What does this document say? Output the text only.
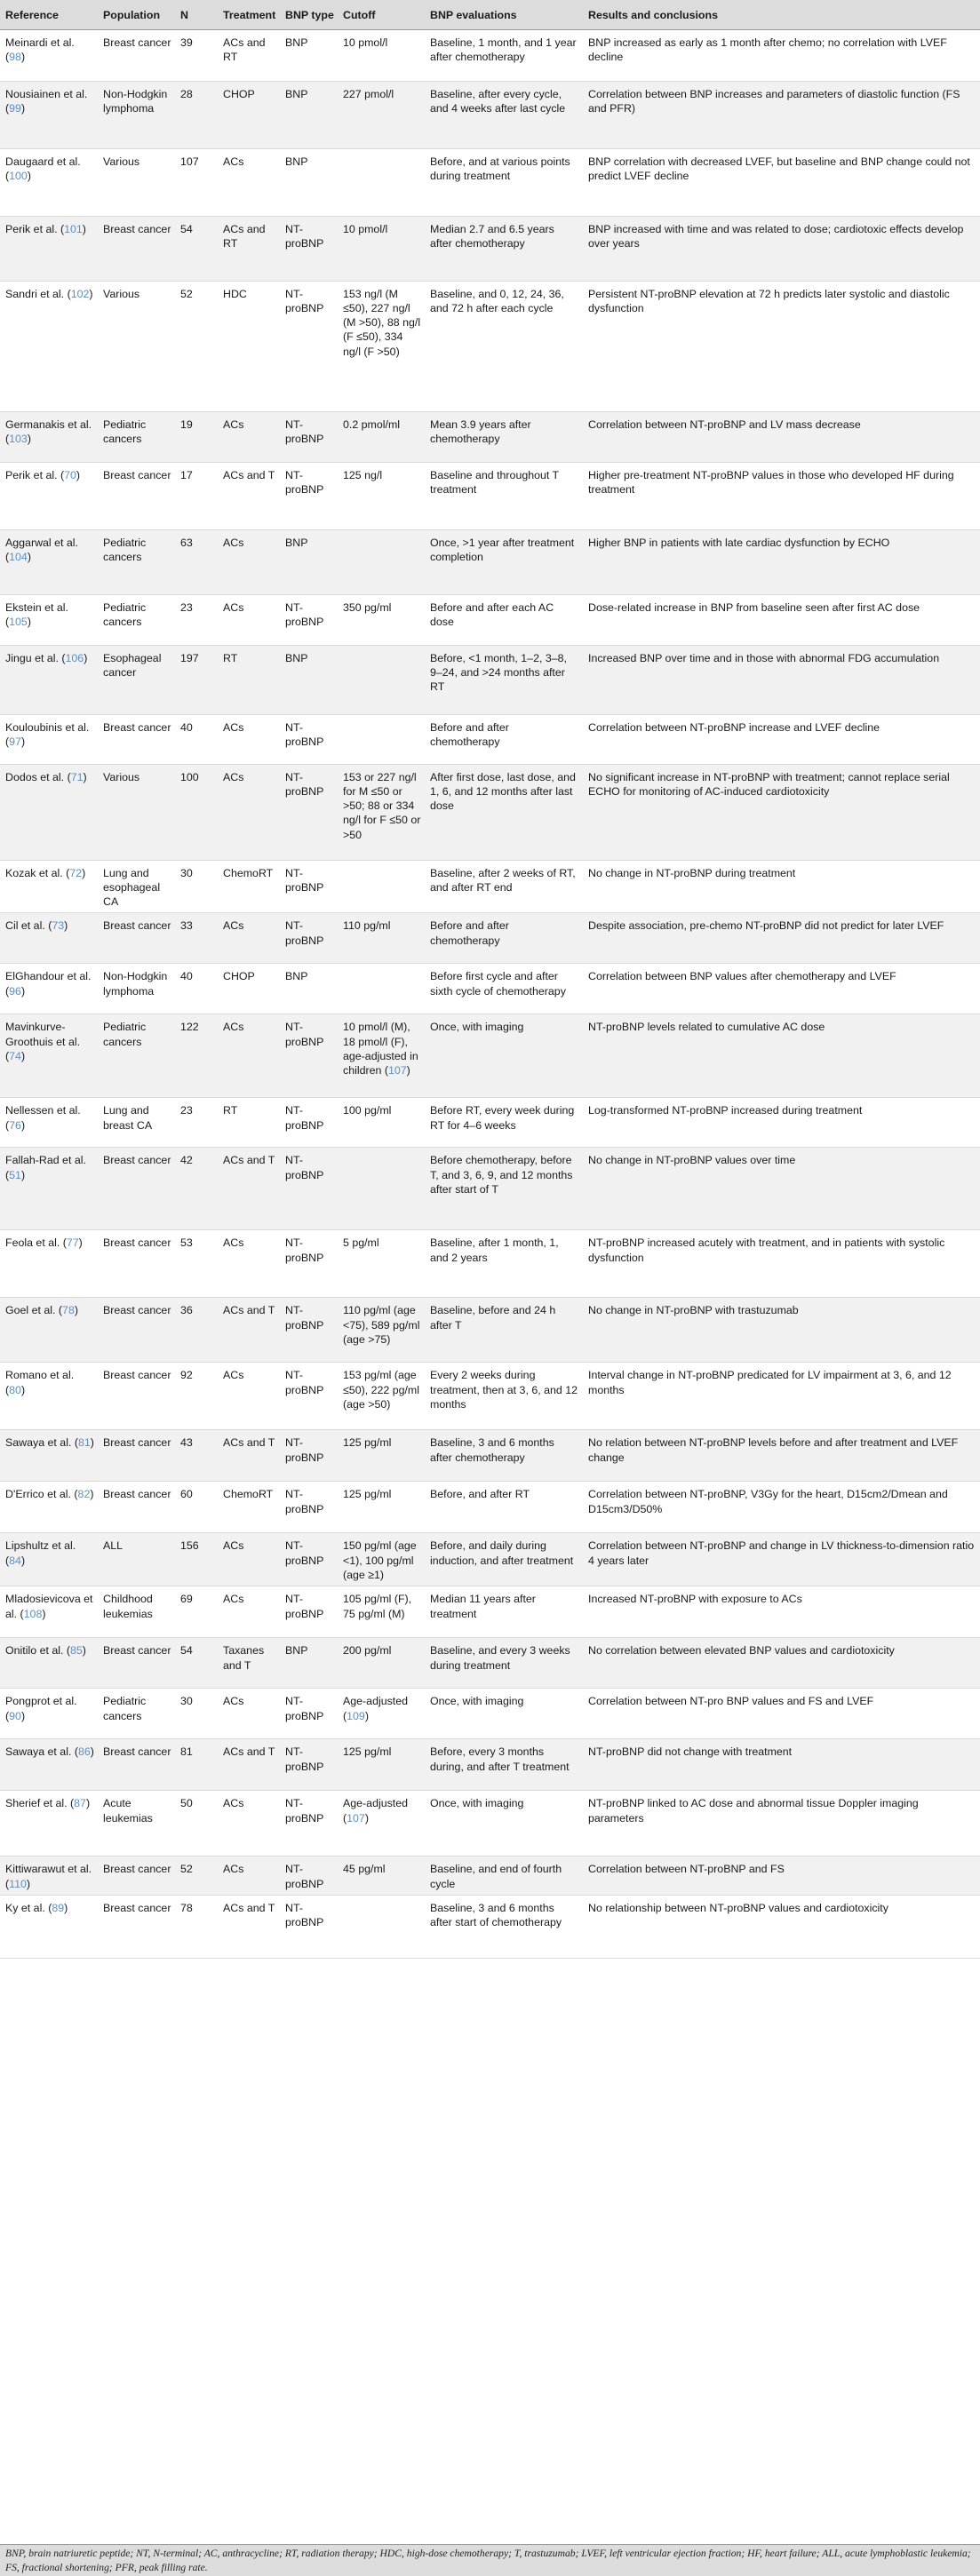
Reference	Population	N	Treatment	BNP type	Cutoff	BNP evaluations	Results and conclusions
Meinardi et al. (98)	Breast cancer	39	ACs and RT	BNP	10 pmol/l	Baseline, 1 month, and 1 year after chemotherapy	BNP increased as early as 1 month after chemo; no correlation with LVEF decline
Nousiainen et al. (99)	Non-Hodgkin lymphoma	28	CHOP	BNP	227 pmol/l	Baseline, after every cycle, and 4 weeks after last cycle	Correlation between BNP increases and parameters of diastolic function (FS and PFR)
Daugaard et al. (100)	Various	107	ACs	BNP		Before, and at various points during treatment	BNP correlation with decreased LVEF, but baseline and BNP change could not predict LVEF decline
Perik et al. (101)	Breast cancer	54	ACs and RT	NT-proBNP	10 pmol/l	Median 2.7 and 6.5 years after chemotherapy	BNP increased with time and was related to dose; cardiotoxic effects develop over years
Sandri et al. (102)	Various	52	HDC	NT-proBNP	153 ng/l (M ≤50), 227 ng/l (M >50), 88 ng/l (F ≤50), 334 ng/l (F >50)	Baseline, and 0, 12, 24, 36, and 72 h after each cycle	Persistent NT-proBNP elevation at 72 h predicts later systolic and diastolic dysfunction
Germanakis et al. (103)	Pediatric cancers	19	ACs	NT-proBNP	0.2 pmol/ml	Mean 3.9 years after chemotherapy	Correlation between NT-proBNP and LV mass decrease
Perik et al. (70)	Breast cancer	17	ACs and T	NT-proBNP	125 ng/l	Baseline and throughout T treatment	Higher pre-treatment NT-proBNP values in those who developed HF during treatment
Aggarwal et al. (104)	Pediatric cancers	63	ACs	BNP		Once, >1 year after treatment completion	Higher BNP in patients with late cardiac dysfunction by ECHO
Ekstein et al. (105)	Pediatric cancers	23	ACs	NT-proBNP	350 pg/ml	Before and after each AC dose	Dose-related increase in BNP from baseline seen after first AC dose
Jingu et al. (106)	Esophageal cancer	197	RT	BNP		Before, <1 month, 1–2, 3–8, 9–24, and >24 months after RT	Increased BNP over time and in those with abnormal FDG accumulation
Kouloubinis et al. (97)	Breast cancer	40	ACs	NT-proBNP		Before and after chemotherapy	Correlation between NT-proBNP increase and LVEF decline
Dodos et al. (71)	Various	100	ACs	NT-proBNP	153 or 227 ng/l for M ≤50 or >50; 88 or 334 ng/l for F ≤50 or >50	After first dose, last dose, and 1, 6, and 12 months after last dose	No significant increase in NT-proBNP with treatment; cannot replace serial ECHO for monitoring of AC-induced cardiotoxicity
Kozak et al. (72)	Lung and esophageal CA	30	ChemoRT	NT-proBNP		Baseline, after 2 weeks of RT, and after RT end	No change in NT-proBNP during treatment
Cil et al. (73)	Breast cancer	33	ACs	NT-proBNP	110 pg/ml	Before and after chemotherapy	Despite association, pre-chemo NT-proBNP did not predict for later LVEF
ElGhandour et al. (96)	Non-Hodgkin lymphoma	40	CHOP	BNP		Before first cycle and after sixth cycle of chemotherapy	Correlation between BNP values after chemotherapy and LVEF
Mavinkurve-Groothuis et al. (74)	Pediatric cancers	122	ACs	NT-proBNP	10 pmol/l (M), 18 pmol/l (F), age-adjusted in children (107)	Once, with imaging	NT-proBNP levels related to cumulative AC dose
Nellessen et al. (76)	Lung and breast CA	23	RT	NT-proBNP	100 pg/ml	Before RT, every week during RT for 4–6 weeks	Log-transformed NT-proBNP increased during treatment
Fallah-Rad et al. (51)	Breast cancer	42	ACs and T	NT-proBNP		Before chemotherapy, before T, and 3, 6, 9, and 12 months after start of T	No change in NT-proBNP values over time
Feola et al. (77)	Breast cancer	53	ACs	NT-proBNP	5 pg/ml	Baseline, after 1 month, 1, and 2 years	NT-proBNP increased acutely with treatment, and in patients with systolic dysfunction
Goel et al. (78)	Breast cancer	36	ACs and T	NT-proBNP	110 pg/ml (age <75), 589 pg/ml (age >75)	Baseline, before and 24 h after T	No change in NT-proBNP with trastuzumab
Romano et al. (80)	Breast cancer	92	ACs	NT-proBNP	153 pg/ml (age ≤50), 222 pg/ml (age >50)	Every 2 weeks during treatment, then at 3, 6, and 12 months	Interval change in NT-proBNP predicated for LV impairment at 3, 6, and 12 months
Sawaya et al. (81)	Breast cancer	43	ACs and T	NT-proBNP	125 pg/ml	Baseline, 3 and 6 months after chemotherapy	No relation between NT-proBNP levels before and after treatment and LVEF change
D'Errico et al. (82)	Breast cancer	60	ChemoRT	NT-proBNP	125 pg/ml	Before, and after RT	Correlation between NT-proBNP, V3Gy for the heart, D15cm2/Dmean and D15cm3/D50%
Lipshultz et al. (84)	ALL	156	ACs	NT-proBNP	150 pg/ml (age <1), 100 pg/ml (age ≥1)	Before, and daily during induction, and after treatment	Correlation between NT-proBNP and change in LV thickness-to-dimension ratio 4 years later
Mladosievicova et al. (108)	Childhood leukemias	69	ACs	NT-proBNP	105 pg/ml (F), 75 pg/ml (M)	Median 11 years after treatment	Increased NT-proBNP with exposure to ACs
Onitilo et al. (85)	Breast cancer	54	Taxanes and T	BNP	200 pg/ml	Baseline, and every 3 weeks during treatment	No correlation between elevated BNP values and cardiotoxicity
Pongprot et al. (90)	Pediatric cancers	30	ACs	NT-proBNP	Age-adjusted (109)	Once, with imaging	Correlation between NT-pro BNP values and FS and LVEF
Sawaya et al. (86)	Breast cancer	81	ACs and T	NT-proBNP	125 pg/ml	Before, every 3 months during, and after T treatment	NT-proBNP did not change with treatment
Sherief et al. (87)	Acute leukemias	50	ACs	NT-proBNP	Age-adjusted (107)	Once, with imaging	NT-proBNP linked to AC dose and abnormal tissue Doppler imaging parameters
Kittiwarawut et al. (110)	Breast cancer	52	ACs	NT-proBNP	45 pg/ml	Baseline, and end of fourth cycle	Correlation between NT-proBNP and FS
Ky et al. (89)	Breast cancer	78	ACs and T	NT-proBNP		Baseline, 3 and 6 months after start of chemotherapy	No relationship between NT-proBNP values and cardiotoxicity
BNP, brain natriuretic peptide; NT, N-terminal; AC, anthracycline; RT, radiation therapy; HDC, high-dose chemotherapy; T, trastuzumab; LVEF, left ventricular ejection fraction; HF, heart failure; ALL, acute lymphoblastic leukemia; FS, fractional shortening; PFR, peak filling rate.
